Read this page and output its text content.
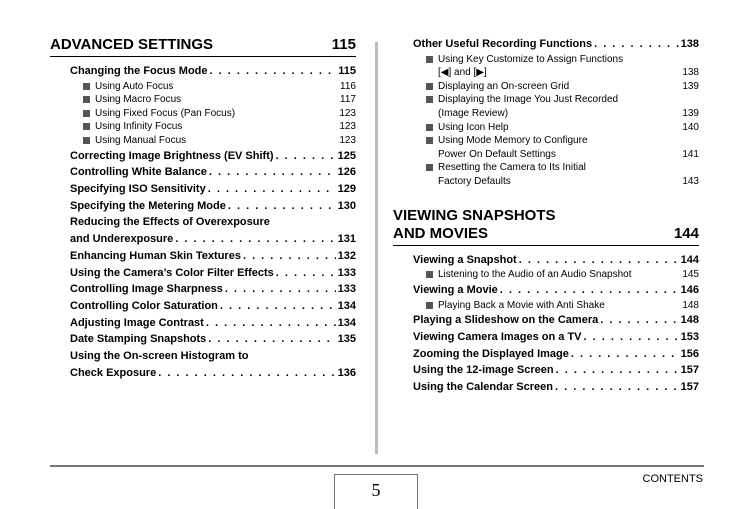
ADVANCED SETTINGS	115
Changing the Focus Mode . . .	115
Using Auto Focus	116
Using Macro Focus	117
Using Fixed Focus (Pan Focus)	123
Using Infinity Focus	123
Using Manual Focus	123
Correcting Image Brightness (EV Shift) . . .	125
Controlling White Balance . . .	126
Specifying ISO Sensitivity . . .	129
Specifying the Metering Mode . . .	130
Reducing the Effects of Overexposure
and Underexposure . . .	131
Enhancing Human Skin Textures . . .	132
Using the Camera’s Color Filter Effects . . .	133
Controlling Image Sharpness . . .	133
Controlling Color Saturation . . .	134
Adjusting Image Contrast . . .	134
Date Stamping Snapshots . . .	135
Using the On-screen Histogram to
Check Exposure . . .	136
Other Useful Recording Functions . . .	138
Using Key Customize to Assign Functions
[◀] and [▶]	138
Displaying an On-screen Grid	139
Displaying the Image You Just Recorded
(Image Review)	139
Using Icon Help	140
Using Mode Memory to Configure
Power On Default Settings	141
Resetting the Camera to Its Initial
Factory Defaults	143
VIEWING SNAPSHOTS
AND MOVIES	144
Viewing a Snapshot . . .	144
Listening to the Audio of an Audio Snapshot	145
Viewing a Movie . . .	146
Playing Back a Movie with Anti Shake	148
Playing a Slideshow on the Camera . . .	148
Viewing Camera Images on a TV . . .	153
Zooming the Displayed Image . . .	156
Using the 12-image Screen . . .	157
Using the Calendar Screen . . .	157
5
CONTENTS
